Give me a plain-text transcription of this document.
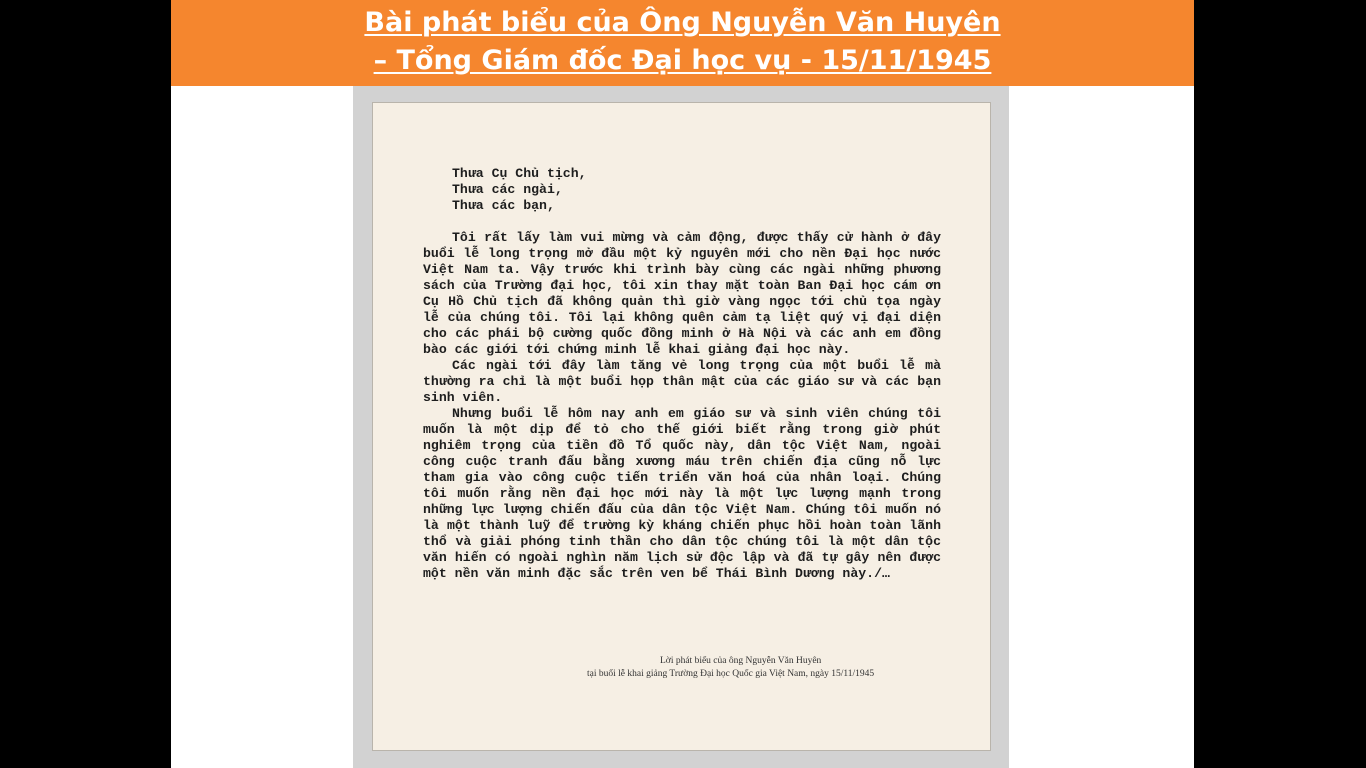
Bài phát biểu của Ông Nguyễn Văn Huyên
– Tổng Giám đốc Đại học vụ - 15/11/1945
Thưa Cụ Chủ tịch,
Thưa các ngài,
Thưa các bạn,

Tôi rất lấy làm vui mừng và cảm động, được thấy cử hành ở đây buổi lễ long trọng mở đầu một kỷ nguyên mới cho nền Đại học nước Việt Nam ta. Vậy trước khi trình bày cùng các ngài những phương sách của Trường đại học, tôi xin thay mặt toàn Ban Đại học cám ơn Cụ Hồ Chủ tịch đã không quản thì giờ vàng ngọc tới chủ tọa ngày lễ của chúng tôi. Tôi lại không quên cảm tạ liệt quý vị đại diện cho các phái bộ cường quốc đồng minh ở Hà Nội và các anh em đồng bào các giới tới chứng minh lễ khai giảng đại học này.

Các ngài tới đây làm tăng vẻ long trọng của một buổi lễ mà thường ra chỉ là một buổi họp thân mật của các giáo sư và các bạn sinh viên.

Nhưng buổi lễ hôm nay anh em giáo sư và sinh viên chúng tôi muốn là một dịp để tỏ cho thế giới biết rằng trong giờ phút nghiêm trọng của tiền đồ Tổ quốc này, dân tộc Việt Nam, ngoài công cuộc tranh đấu bằng xương máu trên chiến địa cũng nỗ lực tham gia vào công cuộc tiến triển văn hoá của nhân loại. Chúng tôi muốn rằng nền đại học mới này là một lực lượng mạnh trong những lực lượng chiến đấu của dân tộc Việt Nam. Chúng tôi muốn nó là một thành luỹ để trường kỳ kháng chiến phục hồi hoàn toàn lãnh thổ và giải phóng tinh thần cho dân tộc chúng tôi là một dân tộc văn hiến có ngoài nghìn năm lịch sử độc lập và đã tự gây nên được một nền văn minh đặc sắc trên ven bể Thái Bình Dương này./…

Lời phát biểu của ông Nguyễn Văn Huyên
tại buổi lễ khai giảng Trường Đại học Quốc gia Việt Nam, ngày 15/11/1945
